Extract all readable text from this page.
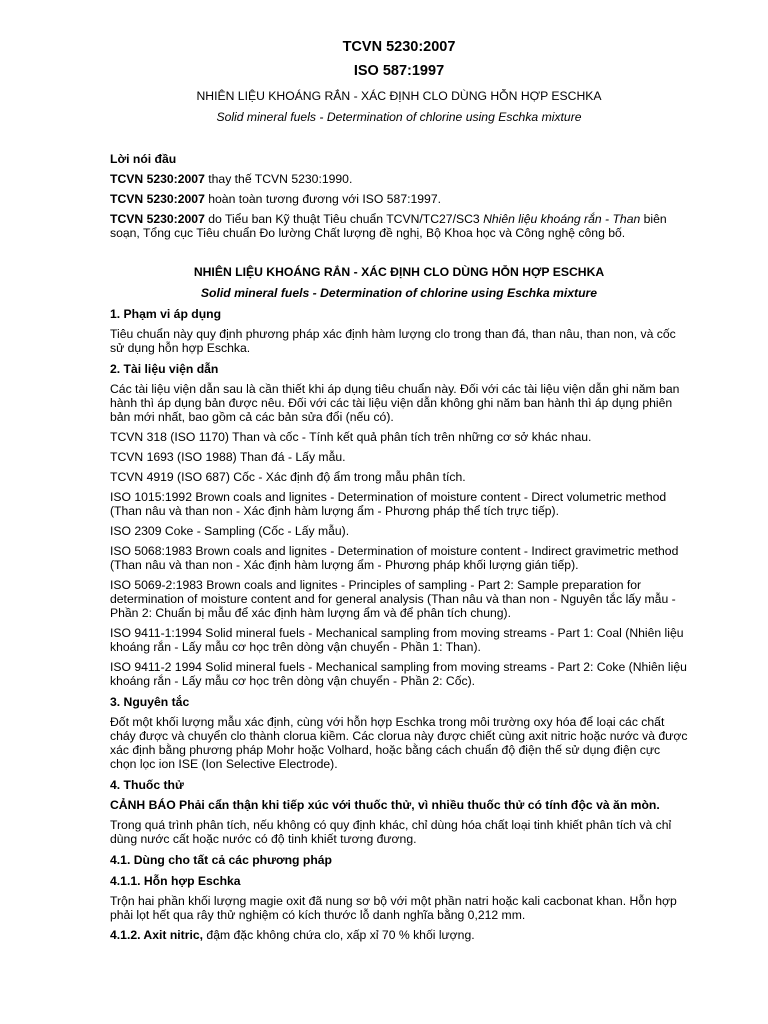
TCVN 5230:2007
ISO 587:1997
NHIÊN LIỆU KHOÁNG RẮN - XÁC ĐỊNH CLO DÙNG HỖN HỢP ESCHKA
Solid mineral fuels - Determination of chlorine using Eschka mixture
Lời nói đầu
TCVN 5230:2007 thay thế TCVN 5230:1990.
TCVN 5230:2007 hoàn toàn tương đương với ISO 587:1997.
TCVN 5230:2007 do Tiểu ban Kỹ thuật Tiêu chuẩn TCVN/TC27/SC3 Nhiên liệu khoáng rắn - Than biên soạn, Tổng cục Tiêu chuẩn Đo lường Chất lượng đề nghị, Bộ Khoa học và Công nghệ công bố.
NHIÊN LIỆU KHOÁNG RẮN - XÁC ĐỊNH CLO DÙNG HỖN HỢP ESCHKA
Solid mineral fuels - Determination of chlorine using Eschka mixture
1. Phạm vi áp dụng
Tiêu chuẩn này quy định phương pháp xác định hàm lượng clo trong than đá, than nâu, than non, và cốc sử dụng hỗn hợp Eschka.
2. Tài liệu viện dẫn
Các tài liệu viện dẫn sau là cần thiết khi áp dụng tiêu chuẩn này. Đối với các tài liệu viện dẫn ghi năm ban hành thì áp dụng bản được nêu. Đối với các tài liệu viện dẫn không ghi năm ban hành thì áp dụng phiên bản mới nhất, bao gồm cả các bản sửa đổi (nếu có).
TCVN 318 (ISO 1170) Than và cốc - Tính kết quả phân tích trên những cơ sở khác nhau.
TCVN 1693 (ISO 1988) Than đá - Lấy mẫu.
TCVN 4919 (ISO 687) Cốc - Xác định độ ẩm trong mẫu phân tích.
ISO 1015:1992 Brown coals and lignites - Determination of moisture content - Direct volumetric method (Than nâu và than non - Xác định hàm lượng ẩm - Phương pháp thể tích trực tiếp).
ISO 2309 Coke - Sampling (Cốc - Lấy mẫu).
ISO 5068:1983 Brown coals and lignites - Determination of moisture content - Indirect gravimetric method (Than nâu và than non - Xác định hàm lượng ẩm - Phương pháp khối lượng gián tiếp).
ISO 5069-2:1983 Brown coals and lignites - Principles of sampling - Part 2: Sample preparation for determination of moisture content and for general analysis (Than nâu và than non - Nguyên tắc lấy mẫu - Phần 2: Chuẩn bị mẫu để xác định hàm lượng ẩm và để phân tích chung).
ISO 9411-1:1994 Solid mineral fuels - Mechanical sampling from moving streams - Part 1: Coal (Nhiên liệu khoáng rắn - Lấy mẫu cơ học trên dòng vận chuyển - Phần 1: Than).
ISO 9411-2 1994 Solid mineral fuels - Mechanical sampling from moving streams - Part 2: Coke (Nhiên liệu khoáng rắn - Lấy mẫu cơ học trên dòng vận chuyển - Phần 2: Cốc).
3. Nguyên tắc
Đốt một khối lượng mẫu xác định, cùng với hỗn hợp Eschka trong môi trường oxy hóa để loại các chất cháy được và chuyển clo thành clorua kiềm. Các clorua này được chiết cùng axit nitric hoặc nước và được xác định bằng phương pháp Mohr hoặc Volhard, hoặc bằng cách chuẩn độ điện thế sử dụng điện cực chọn lọc ion ISE (Ion Selective Electrode).
4. Thuốc thử
CẢNH BÁO Phải cẩn thận khi tiếp xúc với thuốc thử, vì nhiều thuốc thử có tính độc và ăn mòn.
Trong quá trình phân tích, nếu không có quy định khác, chỉ dùng hóa chất loại tinh khiết phân tích và chỉ dùng nước cất hoặc nước có độ tinh khiết tương đương.
4.1. Dùng cho tất cả các phương pháp
4.1.1. Hỗn hợp Eschka
Trộn hai phần khối lượng magie oxit đã nung sơ bộ với một phần natri hoặc kali cacbonat khan. Hỗn hợp phải lọt hết qua rây thử nghiệm có kích thước lỗ danh nghĩa bằng 0,212 mm.
4.1.2. Axit nitric, đậm đặc không chứa clo, xấp xỉ 70 % khối lượng.
